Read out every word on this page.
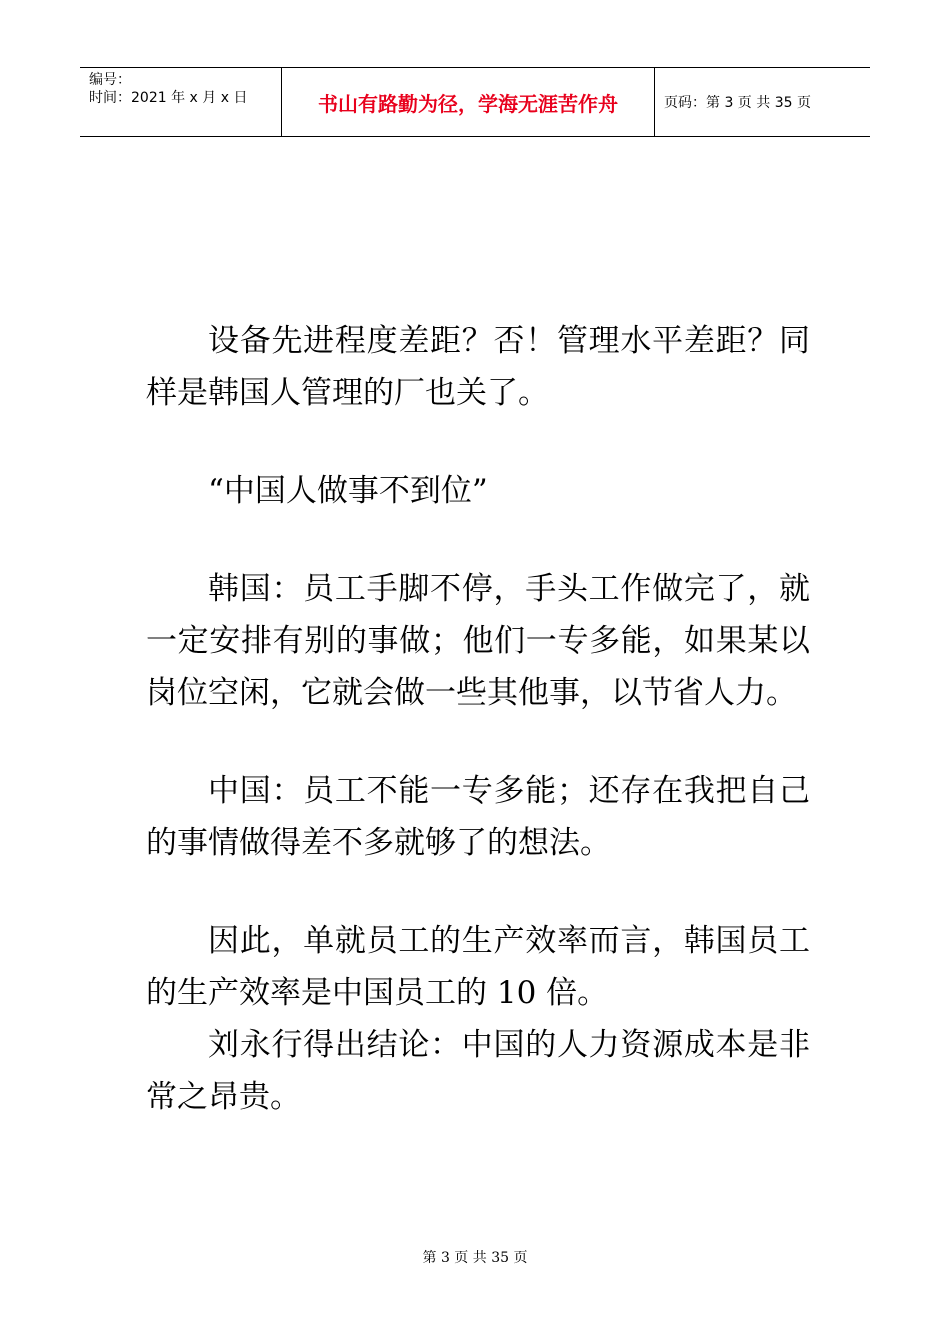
编号：
时间：2021 年 x 月 x 日	书山有路勤为径，学海无涯苦作舟	页码：第 3 页 共 35 页

设备先进程度差距？否！管理水平差距？同样是韩国人管理的厂也关了。

“中国人做事不到位”

韩国：员工手脚不停，手头工作做完了，就一定安排有别的事做；他们一专多能，如果某以岗位空闲，它就会做一些其他事，以节省人力。

中国：员工不能一专多能；还存在我把自己的事情做得差不多就够了的想法。

因此，单就员工的生产效率而言，韩国员工的生产效率是中国员工的 10 倍。

刘永行得出结论：中国的人力资源成本是非常之昂贵。

第 3 页 共 35 页
